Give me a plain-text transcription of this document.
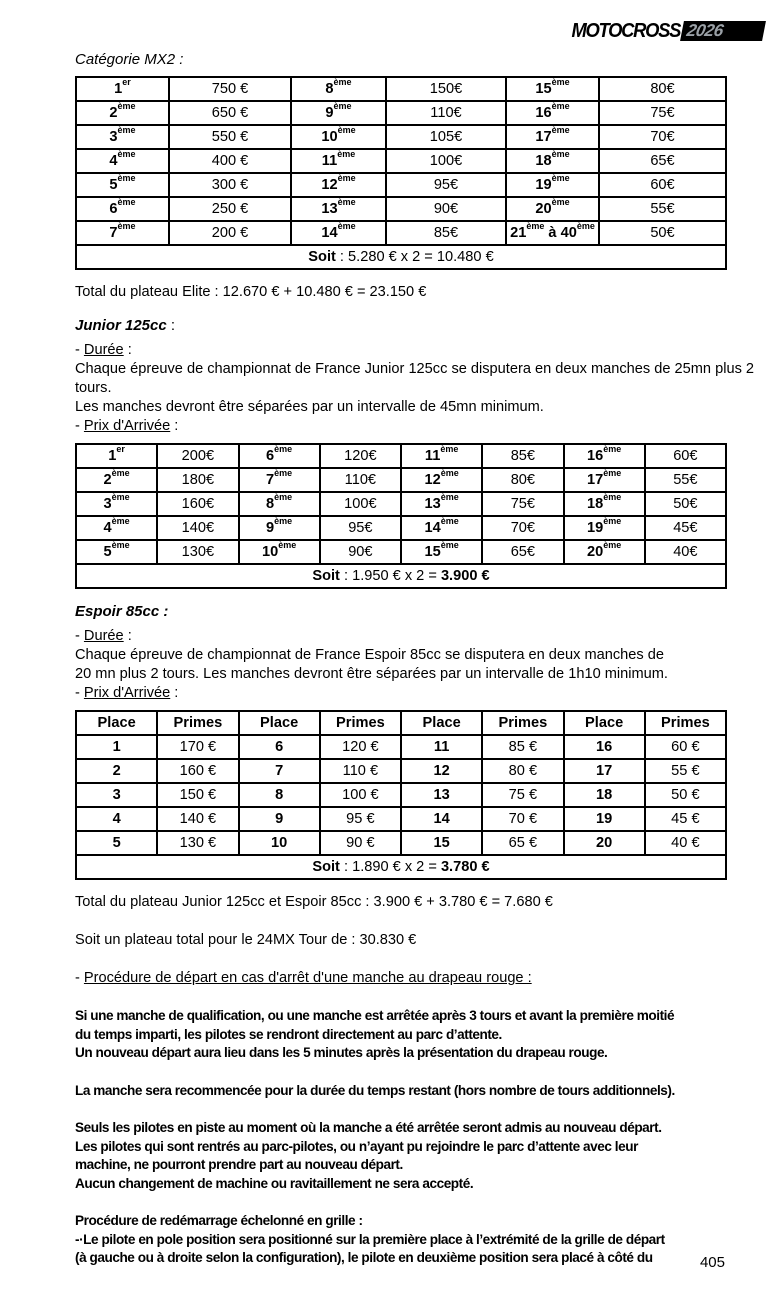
MOTOCROSS 2026
Catégorie MX2 :
1er	750 €	8ème	150€	15ème	80€
2ème	650 €	9ème	110€	16ème	75€
3ème	550 €	10ème	105€	17ème	70€
4ème	400 €	11ème	100€	18ème	65€
5ème	300 €	12ème	95€	19ème	60€
6ème	250 €	13ème	90€	20ème	55€
7ème	200 €	14ème	85€	21ème à 40ème	50€
Soit : 5.280 € x 2 = 10.480 €					
Total du plateau Elite : 12.670 € + 10.480 € = 23.150 €
Junior 125cc :
- Durée :
Chaque épreuve de championnat de France Junior 125cc se disputera en deux manches de 25mn plus 2
tours.
Les manches devront être séparées par un intervalle de 45mn minimum.
- Prix d'Arrivée :
1er	200€	6ème	120€	11ème	85€	16ème	60€
2ème	180€	7ème	110€	12ème	80€	17ème	55€
3ème	160€	8ème	100€	13ème	75€	18ème	50€
4ème	140€	9ème	95€	14ème	70€	19ème	45€
5ème	130€	10ème	90€	15ème	65€	20ème	40€
Soit : 1.950 € x 2 = 3.900 €							
Espoir 85cc :
- Durée :
Chaque épreuve de championnat de France Espoir 85cc se disputera en deux manches de
20 mn plus 2 tours. Les manches devront être séparées par un intervalle de 1h10 minimum.
- Prix d'Arrivée :
Place	Primes	Place	Primes	Place	Primes	Place	Primes
1	170 €	6	120 €	11	85 €	16	60 €
2	160 €	7	110 €	12	80 €	17	55 €
3	150 €	8	100 €	13	75 €	18	50 €
4	140 €	9	95 €	14	70 €	19	45 €
5	130 €	10	90 €	15	65 €	20	40 €
Soit : 1.890 € x 2 = 3.780 €							
Total du plateau Junior 125cc et Espoir 85cc : 3.900 € + 3.780 € = 7.680 €
Soit un plateau total pour le 24MX Tour de : 30.830 €
- Procédure de départ en cas d'arrêt d'une manche au drapeau rouge :
Si une manche de qualification, ou une manche est arrêtée après 3 tours et avant la première moitié
du temps imparti, les pilotes se rendront directement au parc d’attente.
Un nouveau départ aura lieu dans les 5 minutes après la présentation du drapeau rouge.
La manche sera recommencée pour la durée du temps restant (hors nombre de tours additionnels).
Seuls les pilotes en piste au moment où la manche a été arrêtée seront admis au nouveau départ.
Les pilotes qui sont rentrés au parc-pilotes, ou n’ayant pu rejoindre le parc d’attente avec leur
machine, ne pourront prendre part au nouveau départ.
Aucun changement de machine ou ravitaillement ne sera accepté.
Procédure de redémarrage échelonné en grille :
-·Le pilote en pole position sera positionné sur la première place à l’extrémité de la grille de départ
(à gauche ou à droite selon la configuration), le pilote en deuxième position sera placé à côté du	405
